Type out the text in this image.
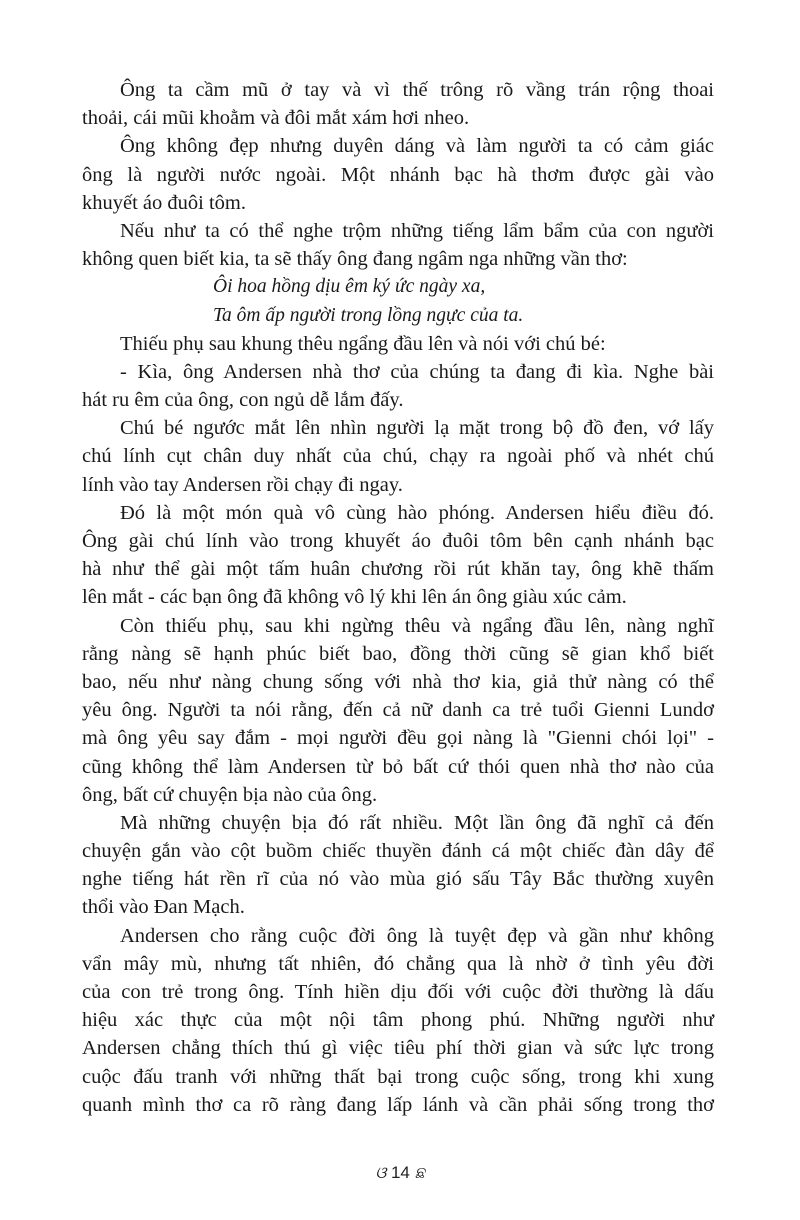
Ông ta cầm mũ ở tay và vì thế trông rõ vầng trán rộng thoai
thoải, cái mũi khoằm và đôi mắt xám hơi nheo.
Ông không đẹp nhưng duyên dáng và làm người ta có cảm giác
ông là người nước ngoài. Một nhánh bạc hà thơm được gài vào
khuyết áo đuôi tôm.
Nếu như ta có thể nghe trộm những tiếng lẩm bẩm của con người
không quen biết kia, ta sẽ thấy ông đang ngâm nga những vần thơ:
Ôi hoa hồng dịu êm ký ức ngày xa,
Ta ôm ấp người trong lồng ngực của ta.
Thiếu phụ sau khung thêu ngẩng đầu lên và nói với chú bé:
- Kìa, ông Andersen nhà thơ của chúng ta đang đi kìa. Nghe bài
hát ru êm của ông, con ngủ dễ lắm đấy.
Chú bé ngước mắt lên nhìn người lạ mặt trong bộ đồ đen, vớ lấy
chú lính cụt chân duy nhất của chú, chạy ra ngoài phố và nhét chú
lính vào tay Andersen rồi chạy đi ngay.
Đó là một món quà vô cùng hào phóng. Andersen hiểu điều đó.
Ông gài chú lính vào trong khuyết áo đuôi tôm bên cạnh nhánh bạc
hà như thể gài một tấm huân chương rồi rút khăn tay, ông khẽ thấm
lên mắt - các bạn ông đã không vô lý khi lên án ông giàu xúc cảm.
Còn thiếu phụ, sau khi ngừng thêu và ngẩng đầu lên, nàng nghĩ
rằng nàng sẽ hạnh phúc biết bao, đồng thời cũng sẽ gian khổ biết
bao, nếu như nàng chung sống với nhà thơ kia, giả thử nàng có thể
yêu ông. Người ta nói rằng, đến cả nữ danh ca trẻ tuổi Gienni Lundơ
mà ông yêu say đắm - mọi người đều gọi nàng là "Gienni chói lọi" -
cũng không thể làm Andersen từ bỏ bất cứ thói quen nhà thơ nào của
ông, bất cứ chuyện bịa nào của ông.
Mà những chuyện bịa đó rất nhiều. Một lần ông đã nghĩ cả đến
chuyện gắn vào cột buồm chiếc thuyền đánh cá một chiếc đàn dây để
nghe tiếng hát rền rĩ của nó vào mùa gió sấu Tây Bắc thường xuyên
thổi vào Đan Mạch.
Andersen cho rằng cuộc đời ông là tuyệt đẹp và gần như không
vẩn mây mù, nhưng tất nhiên, đó chẳng qua là nhờ ở tình yêu đời
của con trẻ trong ông. Tính hiền dịu đối với cuộc đời thường là dấu
hiệu xác thực của một nội tâm phong phú. Những người như
Andersen chẳng thích thú gì việc tiêu phí thời gian và sức lực trong
cuộc đấu tranh với những thất bại trong cuộc sống, trong khi xung
quanh mình thơ ca rõ ràng đang lấp lánh và cần phải sống trong thơ
ଓ 14 ଛ
